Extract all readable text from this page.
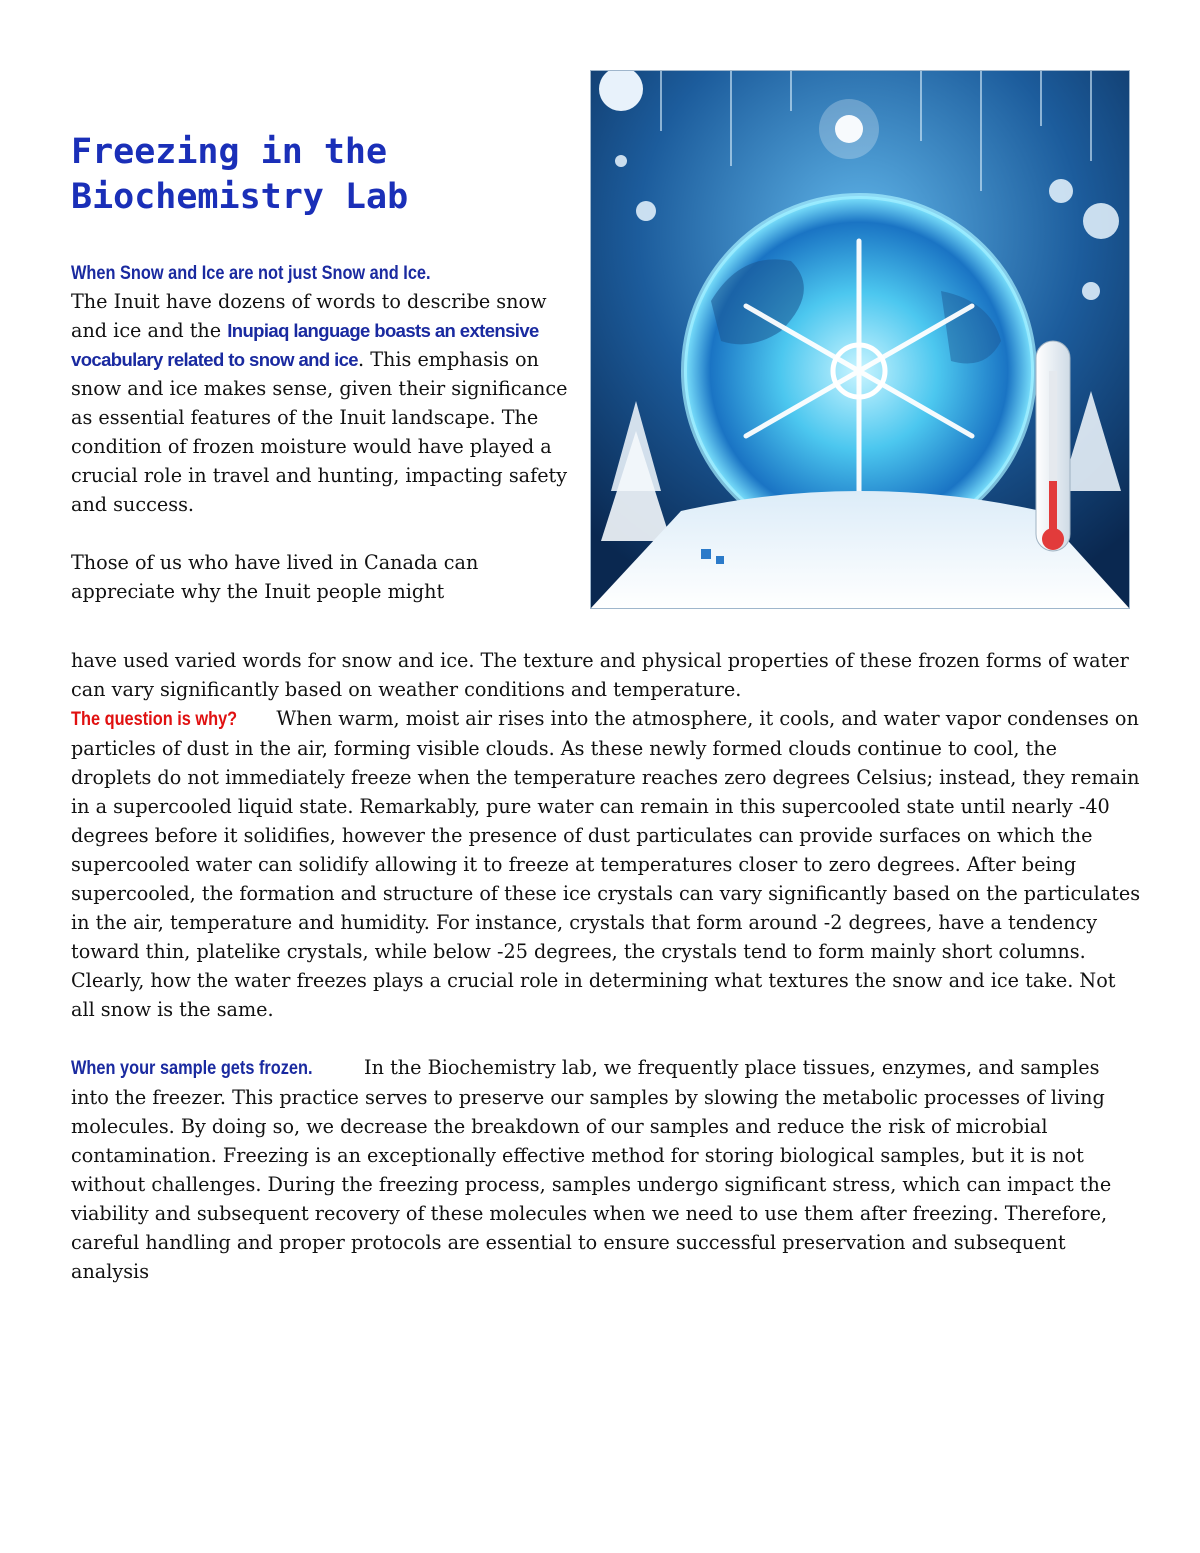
Freezing in the
Biochemistry Lab
When Snow and Ice are not just Snow and Ice.

The Inuit have dozens of words to describe snow and ice and the Inupiaq language boasts an extensive vocabulary related to snow and ice. This emphasis on snow and ice makes sense, given their significance as essential features of the Inuit landscape. The condition of frozen moisture would have played a crucial role in travel and hunting, impacting safety and success.

Those of us who have lived in Canada can appreciate why the Inuit people might

have used varied words for snow and ice. The texture and physical properties of these frozen forms of water can vary significantly based on weather conditions and temperature.

The question is why? When warm, moist air rises into the atmosphere, it cools, and water vapor condenses on particles of dust in the air, forming visible clouds. As these newly formed clouds continue to cool, the droplets do not immediately freeze when the temperature reaches zero degrees Celsius; instead, they remain in a supercooled liquid state. Remarkably, pure water can remain in this supercooled state until nearly -40 degrees before it solidifies, however the presence of dust particulates can provide surfaces on which the supercooled water can solidify allowing it to freeze at temperatures closer to zero degrees. After being supercooled, the formation and structure of these ice crystals can vary significantly based on the particulates in the air, temperature and humidity. For instance, crystals that form around -2 degrees, have a tendency toward thin, platelike crystals, while below -25 degrees, the crystals tend to form mainly short columns. Clearly, how the water freezes plays a crucial role in determining what textures the snow and ice take. Not all snow is the same.

When your sample gets frozen.	In the Biochemistry lab, we frequently place tissues, enzymes, and samples into the freezer. This practice serves to preserve our samples by slowing the metabolic processes of living molecules. By doing so, we decrease the breakdown of our samples and reduce the risk of microbial contamination. Freezing is an exceptionally effective method for storing biological samples, but it is not without challenges. During the freezing process, samples undergo significant stress, which can impact the viability and subsequent recovery of these molecules when we need to use them after freezing. Therefore, careful handling and proper protocols are essential to ensure successful preservation and subsequent analysis
